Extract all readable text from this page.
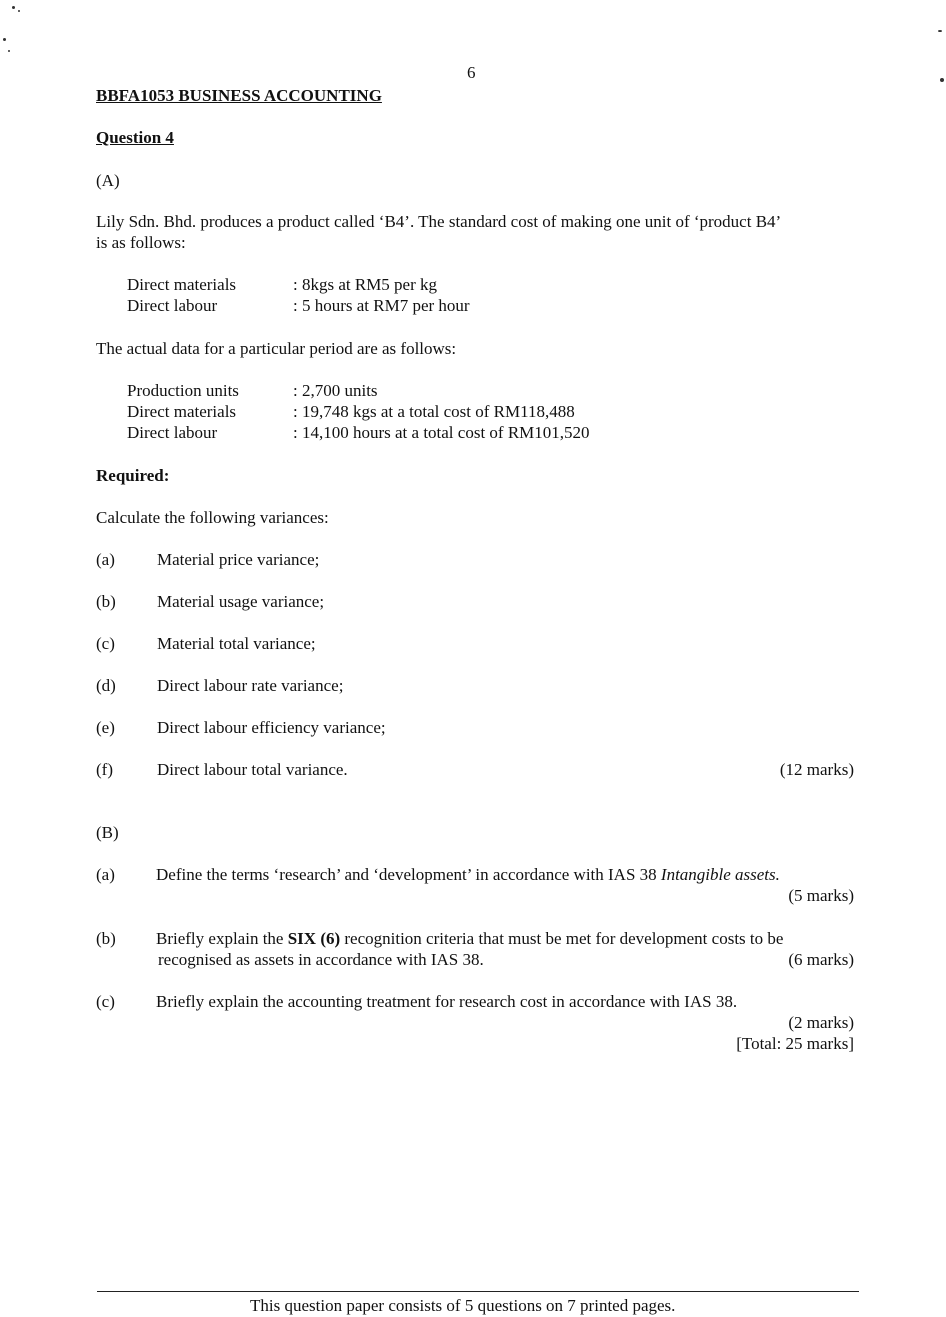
6
BBFA1053 BUSINESS ACCOUNTING
Question 4
(A)
Lily Sdn. Bhd. produces a product called ‘B4’. The standard cost of making one unit of ‘product B4’
is as follows:
Direct materials	: 8kgs at RM5 per kg
Direct labour	: 5 hours at RM7 per hour
The actual data for a particular period are as follows:
Production units	: 2,700 units
Direct materials	: 19,748 kgs at a total cost of RM118,488
Direct labour	: 14,100 hours at a total cost of RM101,520
Required:
Calculate the following variances:
(a) Material price variance;
(b) Material usage variance;
(c) Material total variance;
(d) Direct labour rate variance;
(e) Direct labour efficiency variance;
(f)	Direct labour total variance.	(12 marks)
(B)
(a) Define the terms ‘research’ and ‘development’ in accordance with IAS 38 Intangible assets.
(5 marks)
(b) Briefly explain the SIX (6) recognition criteria that must be met for development costs to be
recognised as assets in accordance with IAS 38.	(6 marks)
(c) Briefly explain the accounting treatment for research cost in accordance with IAS 38.
(2 marks)
[Total: 25 marks]
This question paper consists of 5 questions on 7 printed pages.
